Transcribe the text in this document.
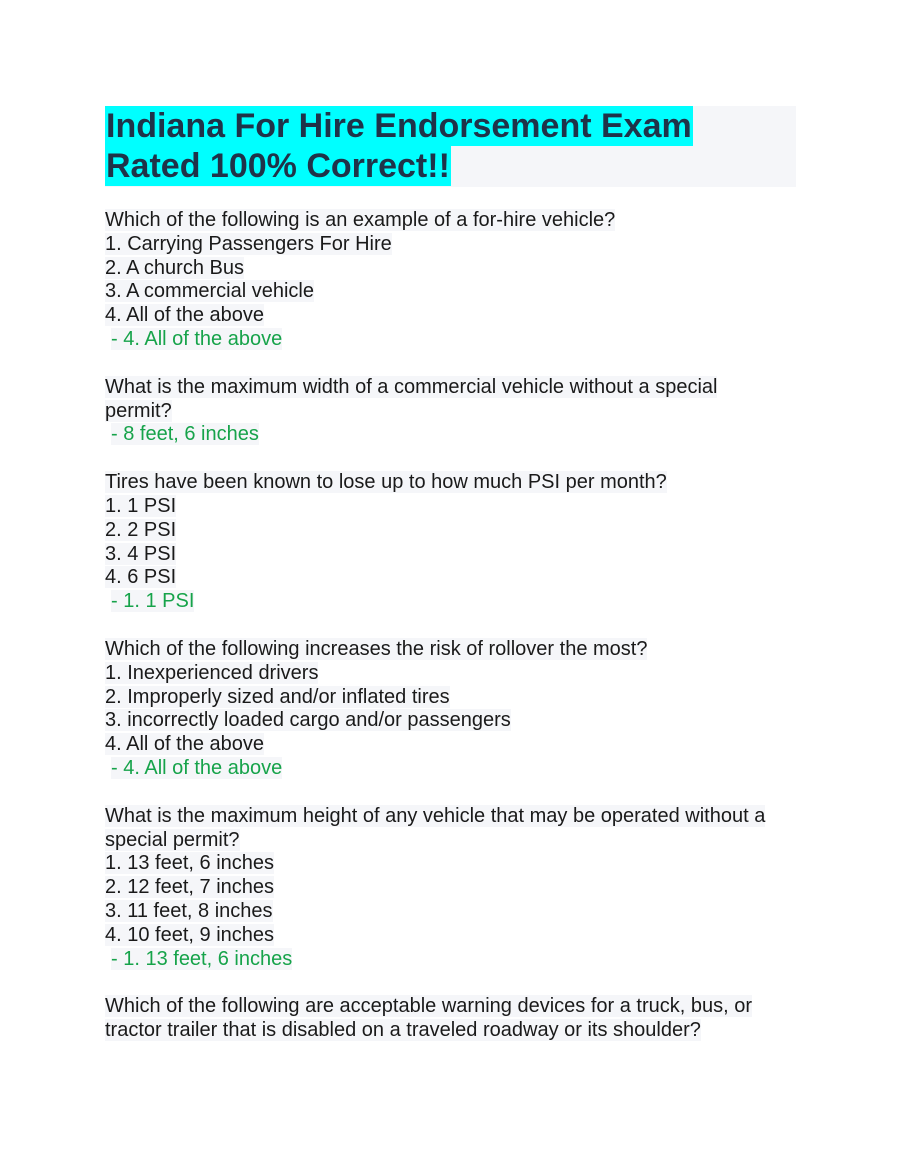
Indiana For Hire Endorsement Exam
Rated 100% Correct!!
Which of the following is an example of a for-hire vehicle?
1. Carrying Passengers For Hire
2. A church Bus
3. A commercial vehicle
4. All of the above
- 4. All of the above
What is the maximum width of a commercial vehicle without a special
permit?
- 8 feet, 6 inches
Tires have been known to lose up to how much PSI per month?
1. 1 PSI
2. 2 PSI
3. 4 PSI
4. 6 PSI
- 1. 1 PSI
Which of the following increases the risk of rollover the most?
1. Inexperienced drivers
2. Improperly sized and/or inflated tires
3. incorrectly loaded cargo and/or passengers
4. All of the above
- 4. All of the above
What is the maximum height of any vehicle that may be operated without a
special permit?
1. 13 feet, 6 inches
2. 12 feet, 7 inches
3. 11 feet, 8 inches
4. 10 feet, 9 inches
- 1. 13 feet, 6 inches
Which of the following are acceptable warning devices for a truck, bus, or
tractor trailer that is disabled on a traveled roadway or its shoulder?
